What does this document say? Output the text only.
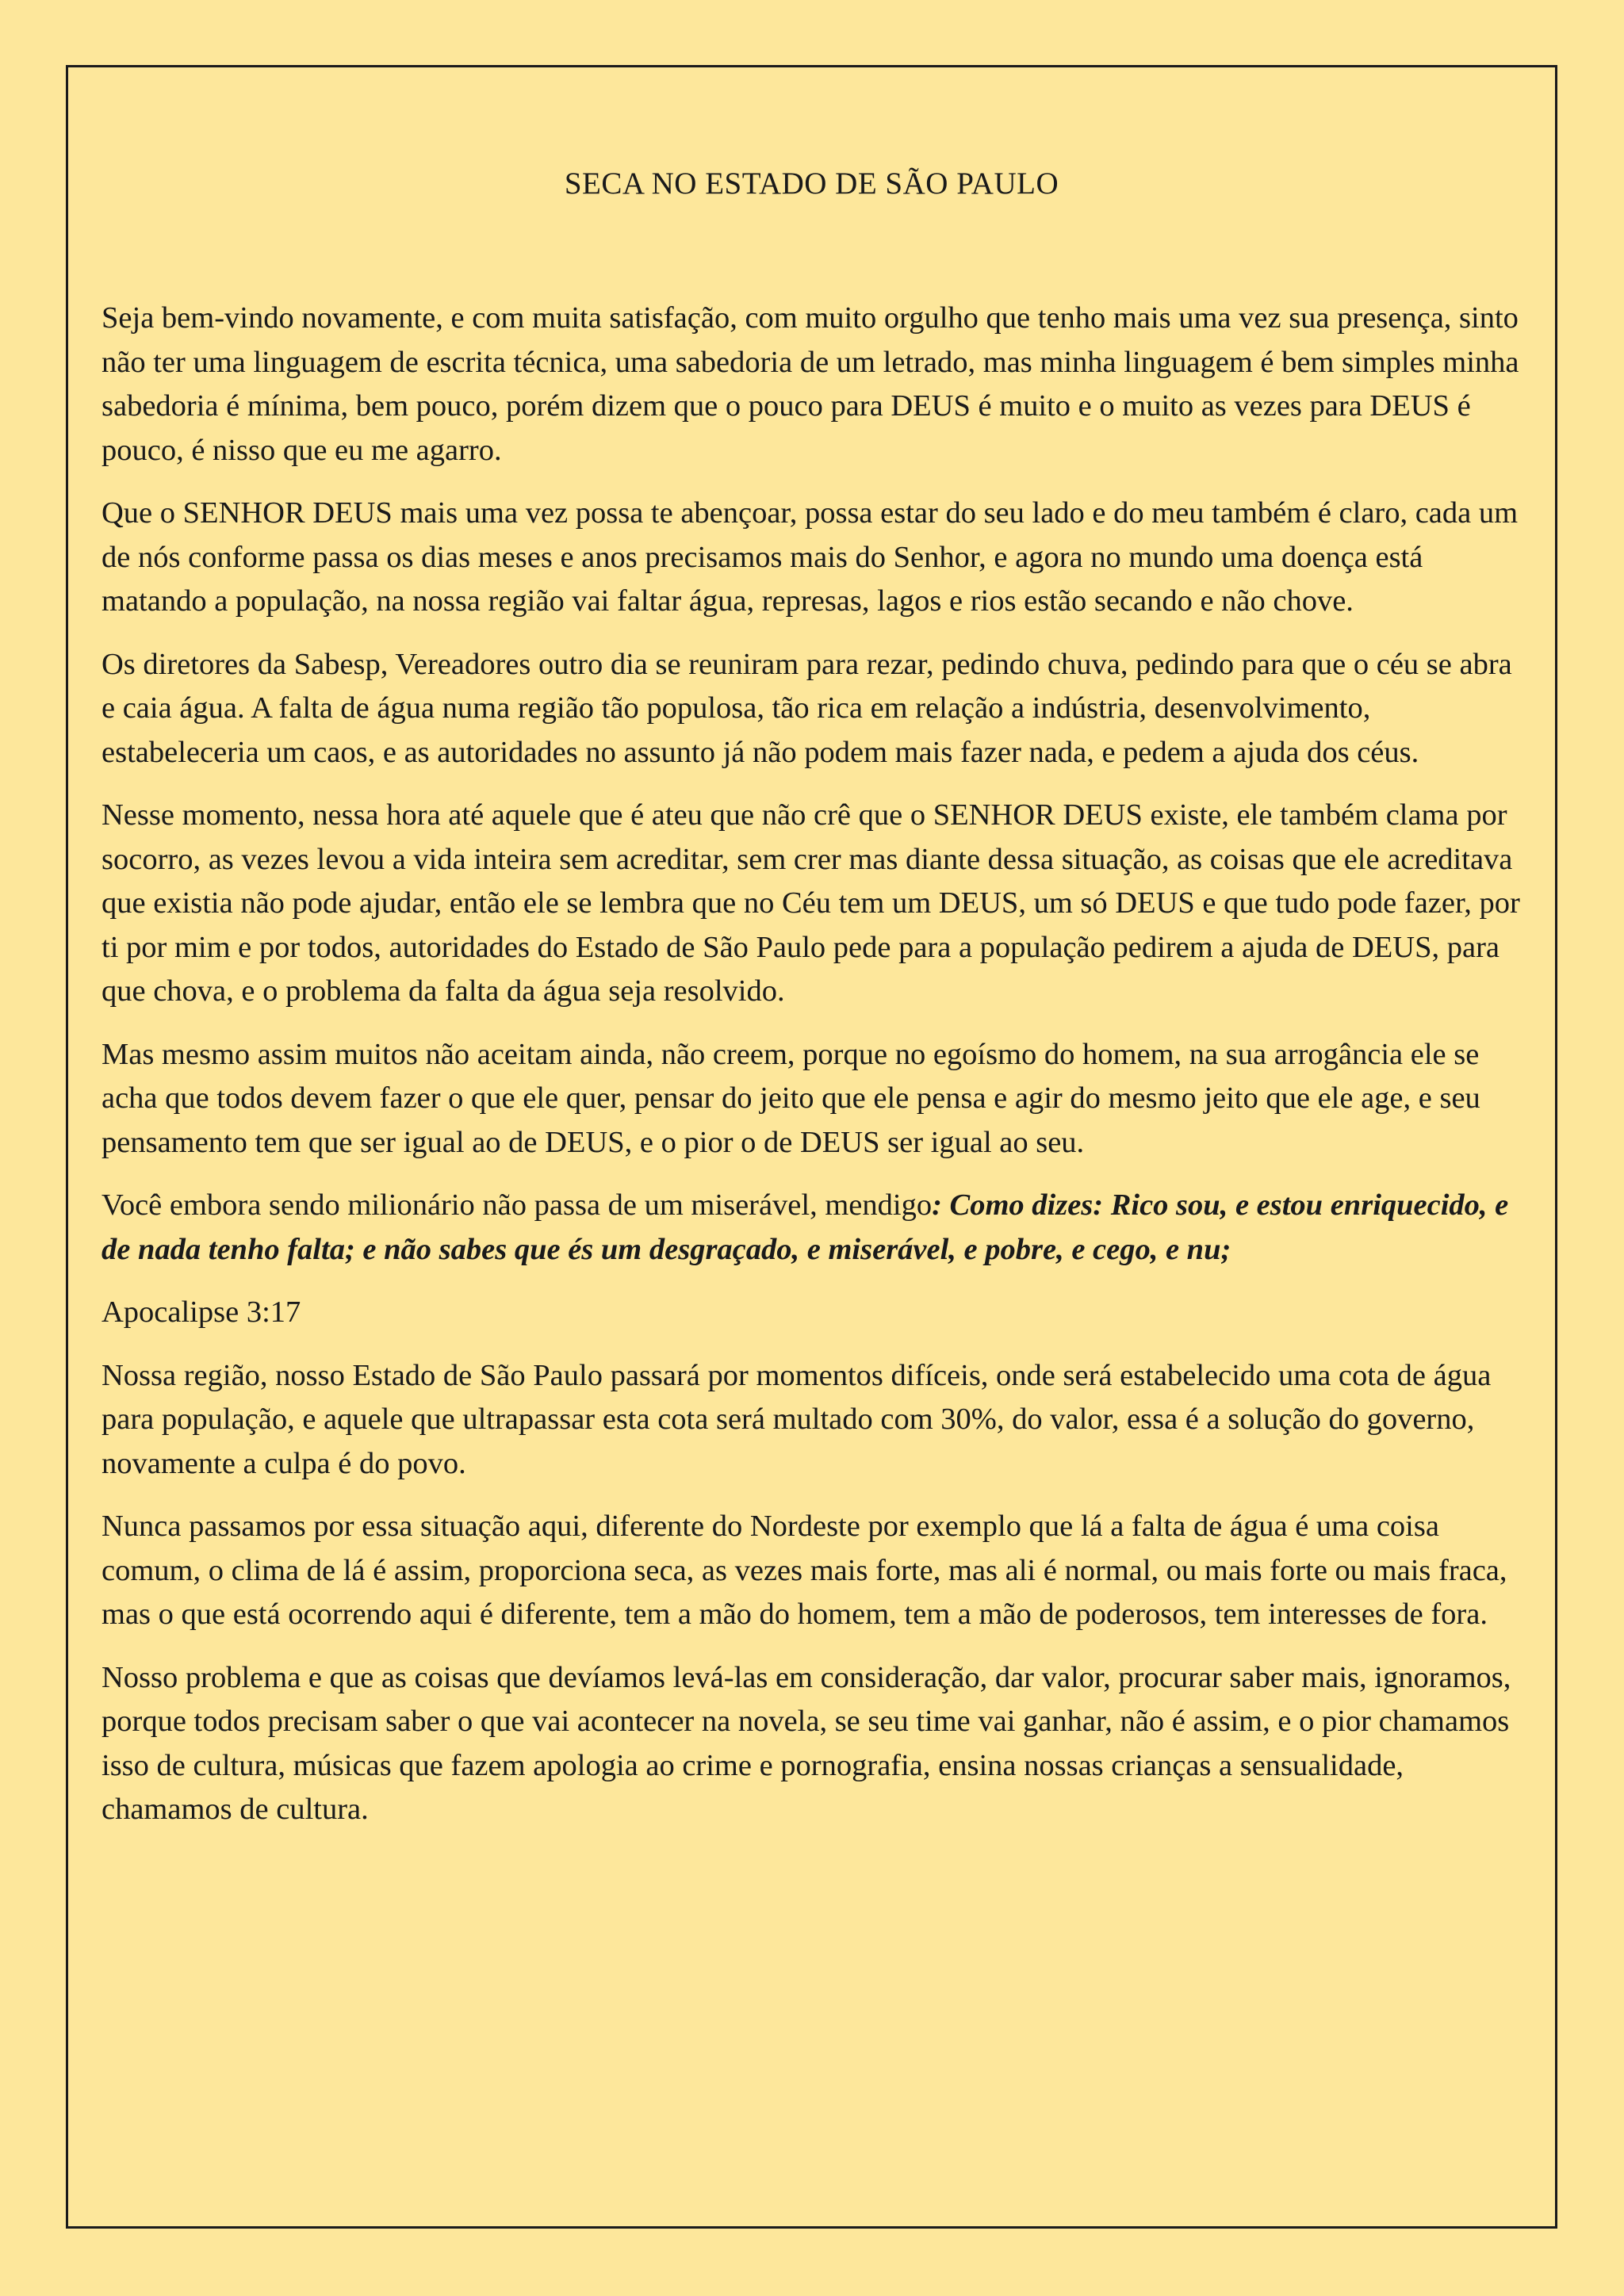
SECA NO ESTADO DE SÃO PAULO

Seja bem-vindo novamente, e com muita satisfação, com muito orgulho que tenho mais uma vez sua presença, sinto não ter uma linguagem de escrita técnica, uma sabedoria de um letrado, mas minha linguagem é bem simples minha sabedoria é mínima, bem pouco, porém dizem que o pouco para DEUS é muito e o muito as vezes para DEUS é pouco, é nisso que eu me agarro.

Que o SENHOR DEUS mais uma vez possa te abençoar, possa estar do seu lado e do meu também é claro, cada um de nós conforme passa os dias meses e anos precisamos mais do Senhor, e agora no mundo uma doença está matando a população, na nossa região vai faltar água, represas, lagos e rios estão secando e não chove.

Os diretores da Sabesp, Vereadores outro dia se reuniram para rezar, pedindo chuva, pedindo para que o céu se abra e caia água. A falta de água numa região tão populosa, tão rica em relação a indústria, desenvolvimento, estabeleceria um caos, e as autoridades no assunto já não podem mais fazer nada, e pedem a ajuda dos céus.

Nesse momento, nessa hora até aquele que é ateu que não crê que o SENHOR DEUS existe, ele também clama por socorro, as vezes levou a vida inteira sem acreditar, sem crer mas diante dessa situação, as coisas que ele acreditava que existia não pode ajudar, então ele se lembra que no Céu tem um DEUS, um só DEUS e que tudo pode fazer, por ti por mim e por todos, autoridades do Estado de São Paulo pede para a população pedirem a ajuda de DEUS, para que chova, e o problema da falta da água seja resolvido.

Mas mesmo assim muitos não aceitam ainda, não creem, porque no egoísmo do homem, na sua arrogância ele se acha que todos devem fazer o que ele quer, pensar do jeito que ele pensa e agir do mesmo jeito que ele age, e seu pensamento tem que ser igual ao de DEUS, e o pior o de DEUS ser igual ao seu.

Você embora sendo milionário não passa de um miserável, mendigo: Como dizes: Rico sou, e estou enriquecido, e de nada tenho falta; e não sabes que és um desgraçado, e miserável, e pobre, e cego, e nu;

Apocalipse 3:17

Nossa região, nosso Estado de São Paulo passará por momentos difíceis, onde será estabelecido uma cota de água para população, e aquele que ultrapassar esta cota será multado com 30%, do valor, essa é a solução do governo, novamente a culpa é do povo.

Nunca passamos por essa situação aqui, diferente do Nordeste por exemplo que lá a falta de água é uma coisa comum, o clima de lá é assim, proporciona seca, as vezes mais forte, mas ali é normal, ou mais forte ou mais fraca, mas o que está ocorrendo aqui é diferente, tem a mão do homem, tem a mão de poderosos, tem interesses de fora.

Nosso problema e que as coisas que devíamos levá-las em consideração, dar valor, procurar saber mais, ignoramos, porque todos precisam saber o que vai acontecer na novela, se seu time vai ganhar, não é assim, e o pior chamamos isso de cultura, músicas que fazem apologia ao crime e pornografia, ensina nossas crianças a sensualidade, chamamos de cultura.
